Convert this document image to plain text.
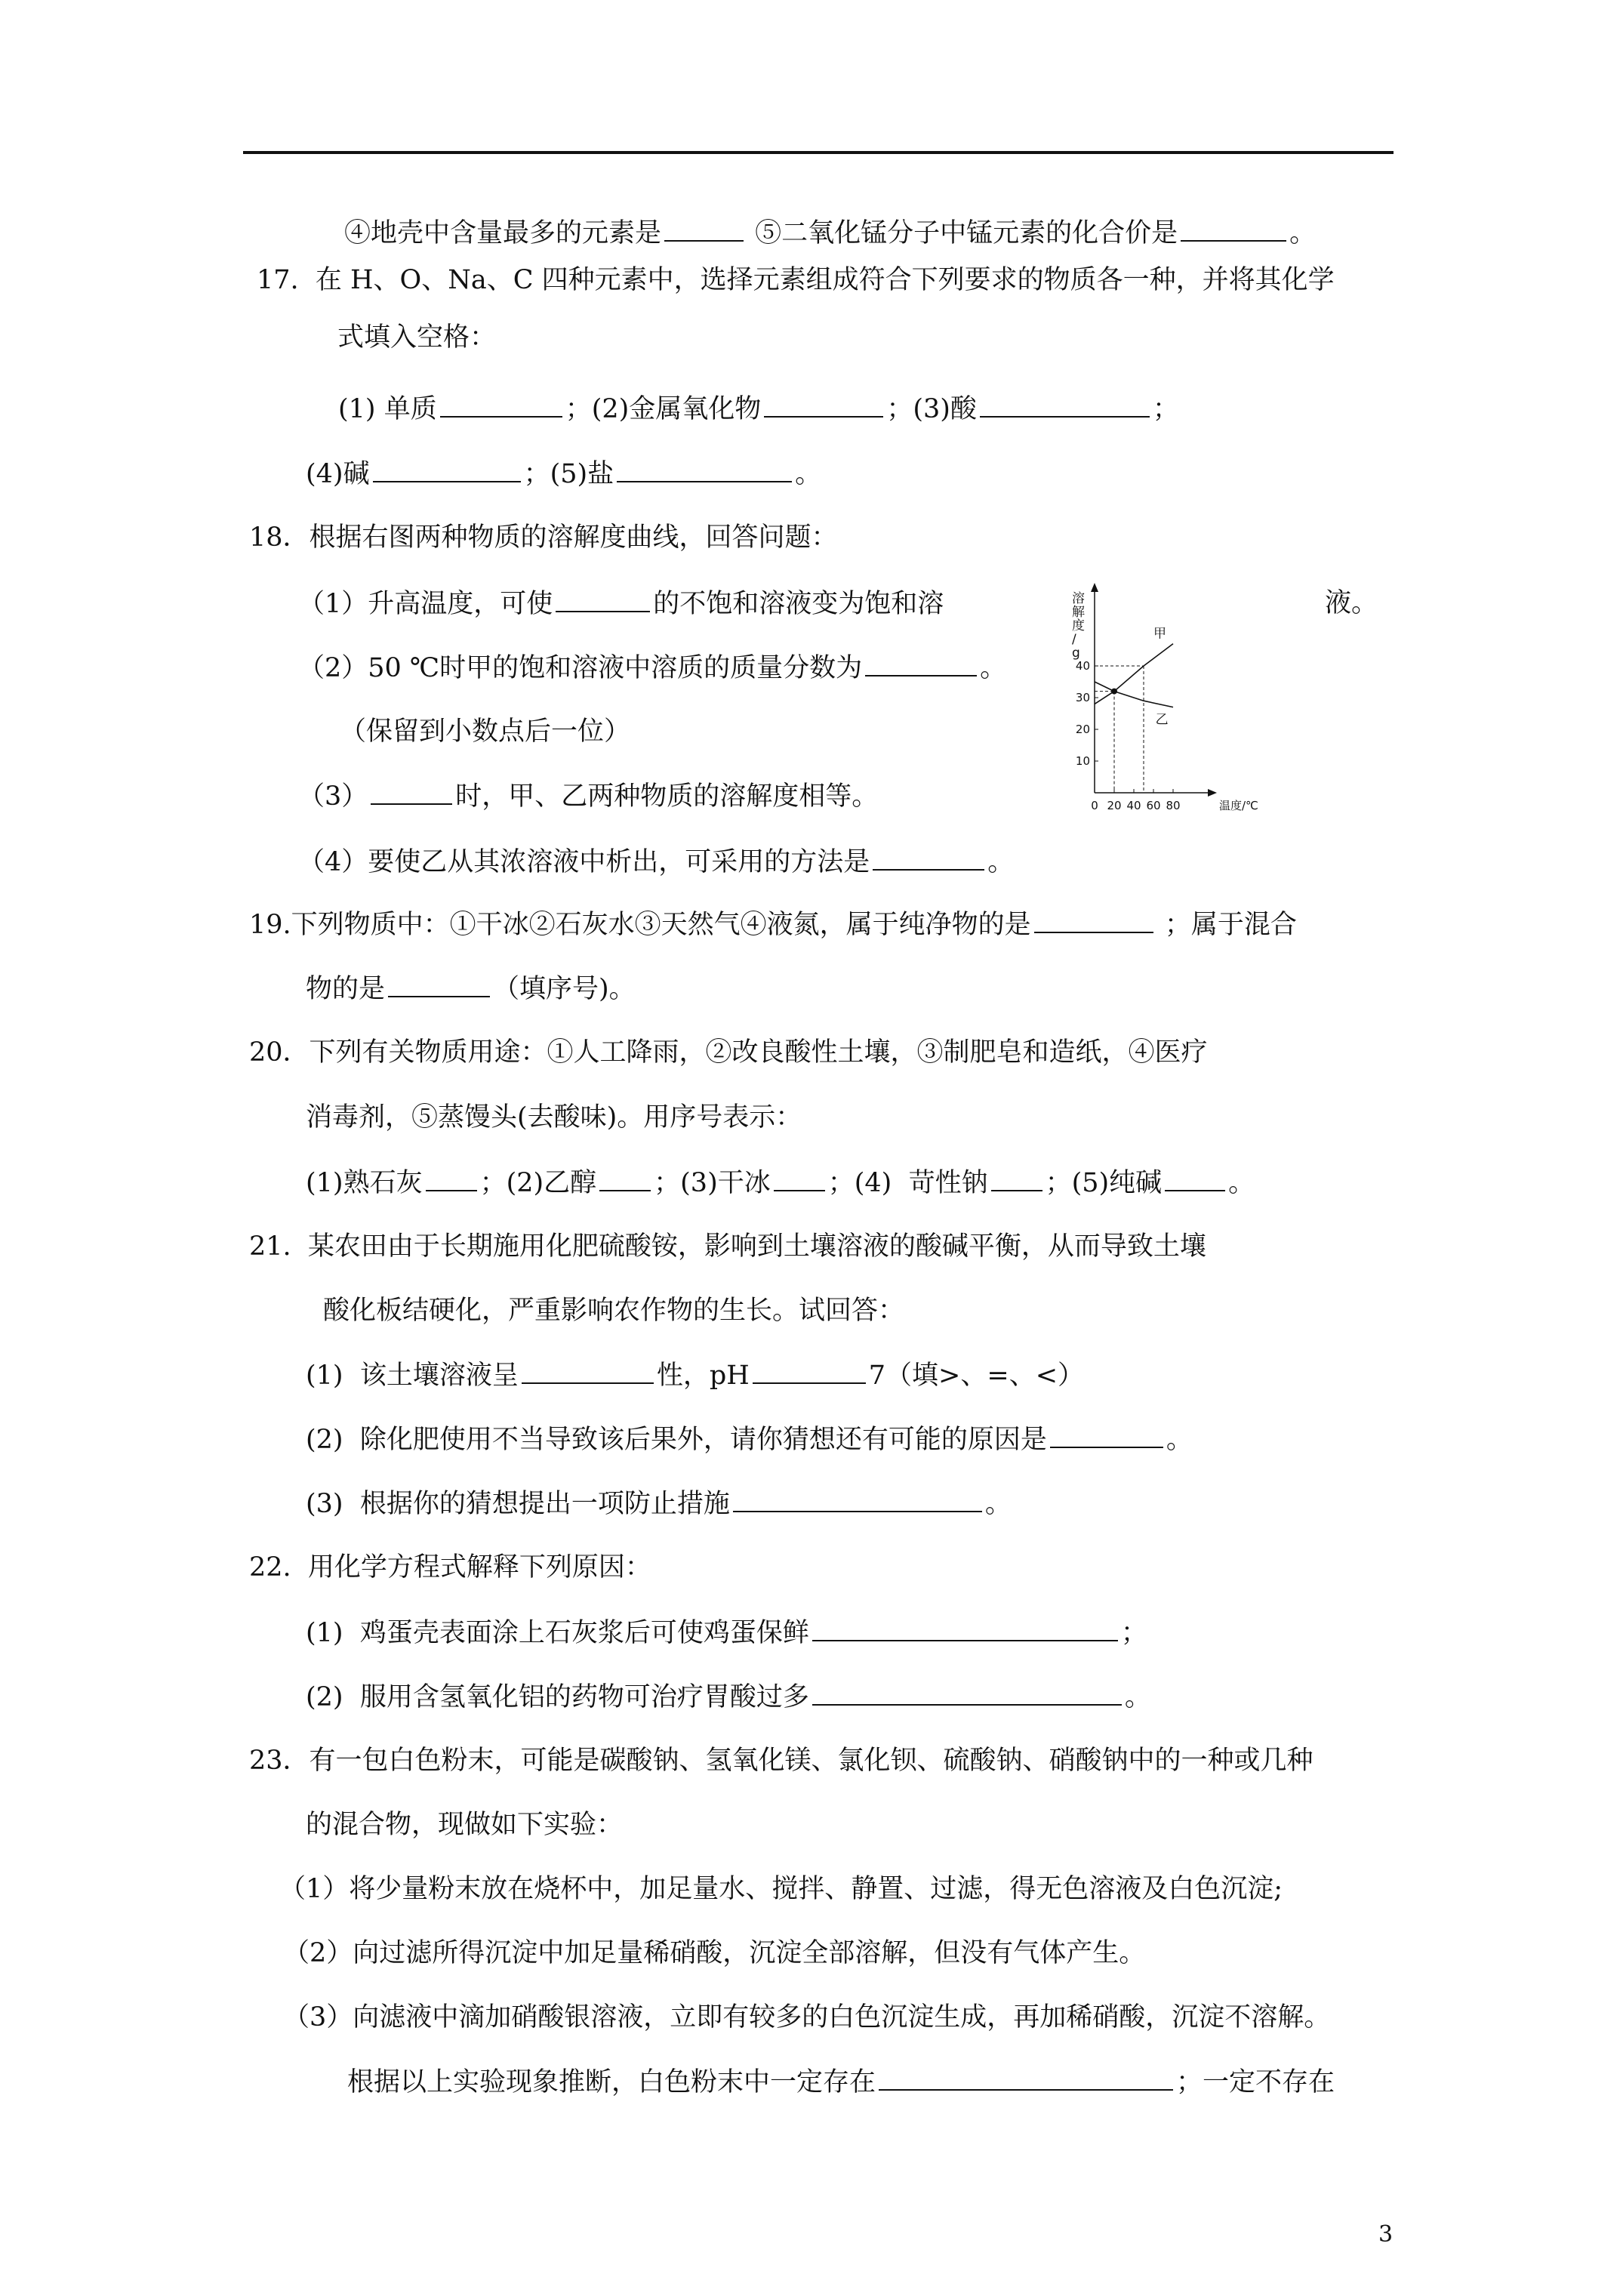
④地壳中含量最多的元素是	⑤二氧化锰分子中锰元素的化合价是	。
17.  在 H、O、Na、C 四种元素中，选择元素组成符合下列要求的物质各一种，并将其化学
式填入空格：
(1) 单质	；(2)金属氧化物	；(3)酸	；
(4)碱	；(5)盐	。
18．根据右图两种物质的溶解度曲线，回答问题：
（1）升高温度，可使	的不饱和溶液变为饱和溶	液。
（2）50 ℃时甲的饱和溶液中溶质的质量分数为	。
（保留到小数点后一位）
（3）	时，甲、乙两种物质的溶解度相等。
（4）要使乙从其浓溶液中析出，可采用的方法是	。
0 20 40 60 80
10
20
30
40
甲
乙
溶解度/ g
温度/℃
19.下列物质中：①干冰②石灰水③天然气④液氮，属于纯净物的是	；属于混合
物的是	（填序号)。
20．下列有关物质用途：①人工降雨，②改良酸性土壤，③制肥皂和造纸，④医疗
消毒剂，⑤蒸馒头(去酸味)。用序号表示：
(1)熟石灰 ；(2)乙醇 ；(3)干冰 ；(4)  苛性钠 ；(5)纯碱	。
21.  某农田由于长期施用化肥硫酸铵，影响到土壤溶液的酸碱平衡，从而导致土壤
酸化板结硬化，严重影响农作物的生长。试回答：
(1)  该土壤溶液呈	性，pH	7（填>、=、<）
(2)  除化肥使用不当导致该后果外，请你猜想还有可能的原因是	。
(3)  根据你的猜想提出一项防止措施	。
22.  用化学方程式解释下列原因：
(1)  鸡蛋壳表面涂上石灰浆后可使鸡蛋保鲜	；
(2)  服用含氢氧化铝的药物可治疗胃酸过多	。
23．有一包白色粉末，可能是碳酸钠、氢氧化镁、氯化钡、硫酸钠、硝酸钠中的一种或几种
的混合物，现做如下实验：
（1）将少量粉末放在烧杯中，加足量水、搅拌、静置、过滤，得无色溶液及白色沉淀;
（2）向过滤所得沉淀中加足量稀硝酸，沉淀全部溶解，但没有气体产生。
（3）向滤液中滴加硝酸银溶液，立即有较多的白色沉淀生成，再加稀硝酸，沉淀不溶解。
根据以上实验现象推断，白色粉末中一定存在	；一定不存在
3
